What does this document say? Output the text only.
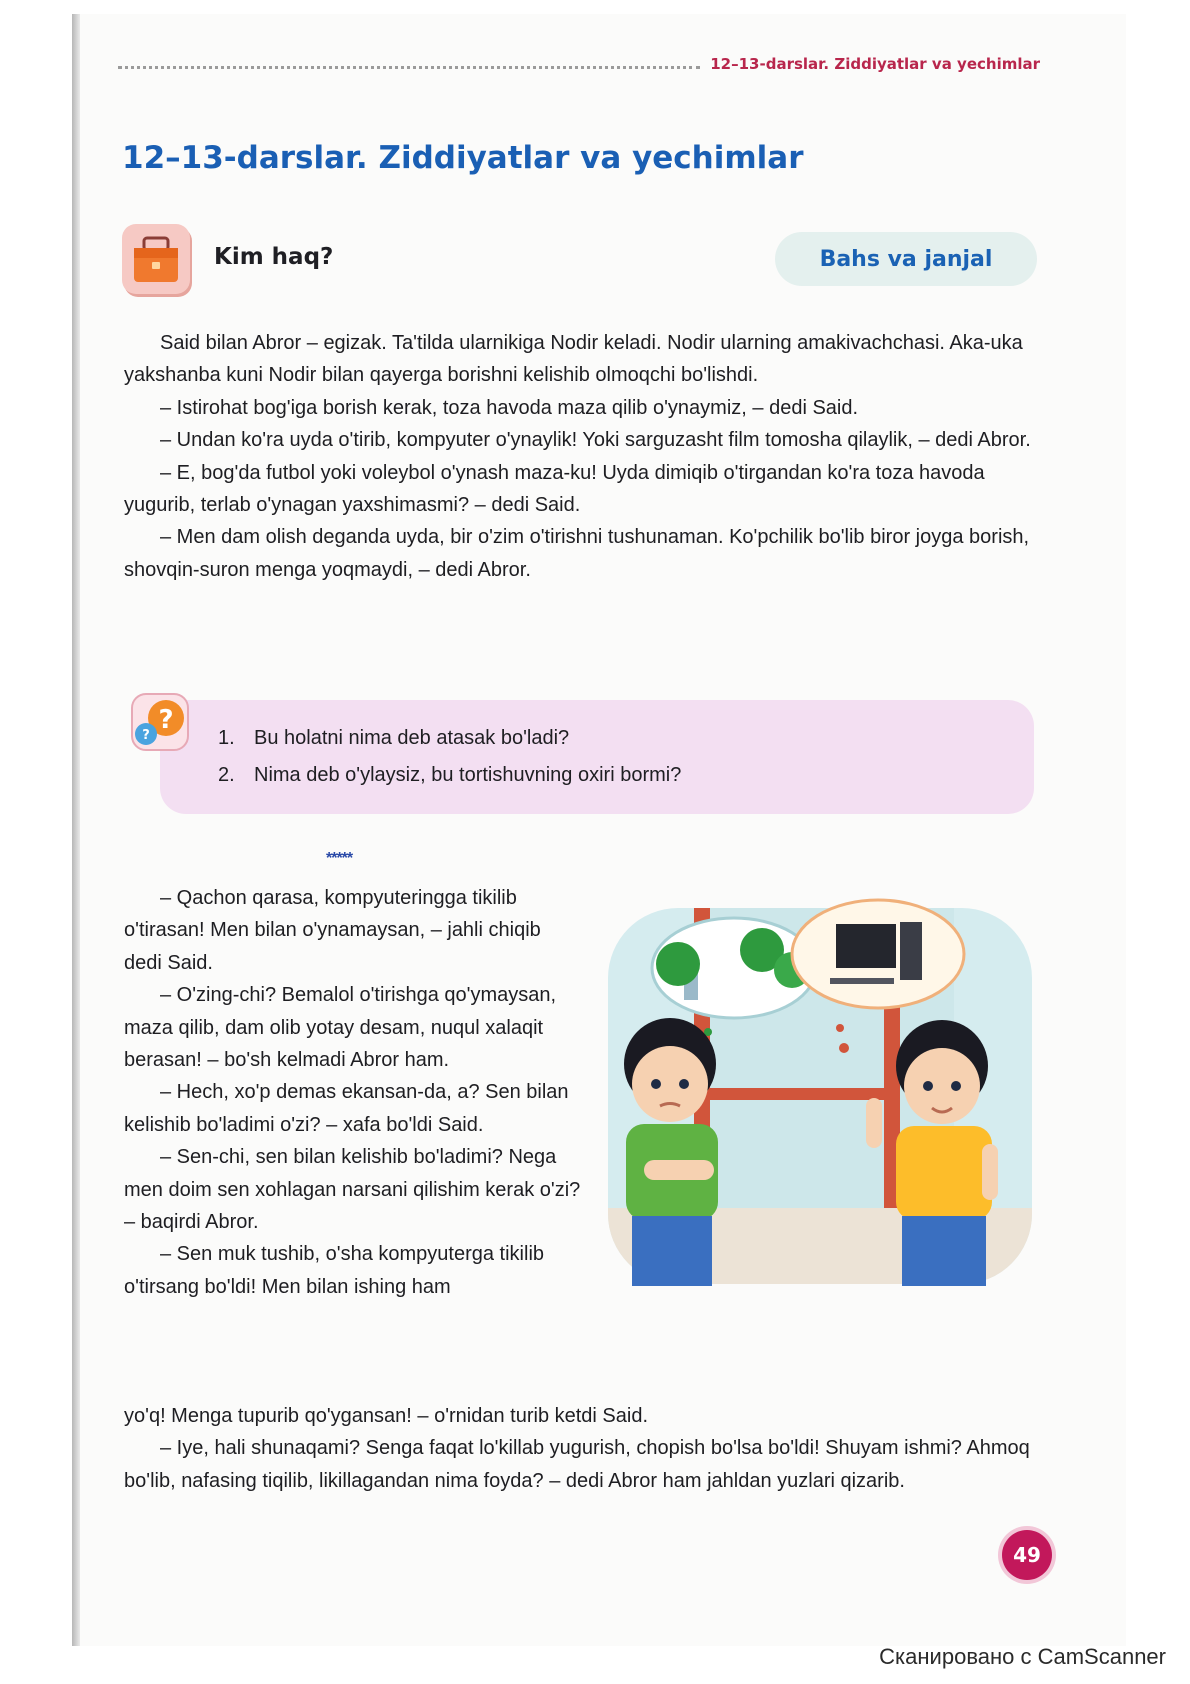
12–13-darslar. Ziddiyatlar va yechimlar
12–13-darslar. Ziddiyatlar va yechimlar
Kim haq?	Bahs va janjal

Said bilan Abror – egizak. Ta'tilda ularnikiga Nodir keladi. Nodir ularning amakivachchasi. Aka-uka yakshanba kuni Nodir bilan qayerga borishni kelishib olmoqchi bo'lishdi.

– Istirohat bog'iga borish kerak, toza havoda maza qilib o'ynaymiz, – dedi Said.

– Undan ko'ra uyda o'tirib, kompyuter o'ynaylik! Yoki sarguzasht film tomosha qilaylik, – dedi Abror.

– E, bog'da futbol yoki voleybol o'ynash maza-ku! Uyda dimiqib o'tirgandan ko'ra toza havoda yugurib, terlab o'ynagan yaxshimasmi? – dedi Said.

– Men dam olish deganda uyda, bir o'zim o'tirishni tushunaman. Ko'pchilik bo'lib biror joyga borish, shovqin-suron menga yoqmaydi, – dedi Abror.

?
?	1. Bu holatni nima deb atasak bo'ladi?
2. Nima deb o'ylaysiz, bu tortishuvning oxiri bormi?
*****

– Qachon qarasa, kompyuteringga tikilib o'tirasan! Men bilan o'ynamaysan, – jahli chiqib dedi Said.

– O'zing-chi? Bemalol o'tirishga qo'ymaysan, maza qilib, dam olib yotay desam, nuqul xalaqit berasan! – bo'sh kelmadi Abror ham.

– Hech, xo'p demas ekansan-da, a? Sen bilan kelishib bo'ladimi o'zi? – xafa bo'ldi Said.

– Sen-chi, sen bilan kelishib bo'ladimi? Nega men doim sen xohlagan narsani qilishim kerak o'zi? – baqirdi Abror.

– Sen muk tushib, o'sha kompyuterga tikilib o'tirsang bo'ldi! Men bilan ishing ham

yo'q! Menga tupurib qo'ygansan! – o'rnidan turib ketdi Said.

– Iye, hali shunaqami? Senga faqat lo'killab yugurish, chopish bo'lsa bo'ldi! Shuyam ishmi? Ahmoq bo'lib, nafasing tiqilib, likillagandan nima foyda? – dedi Abror ham jahldan yuzlari qizarib.

49
Сканировано с CamScanner
